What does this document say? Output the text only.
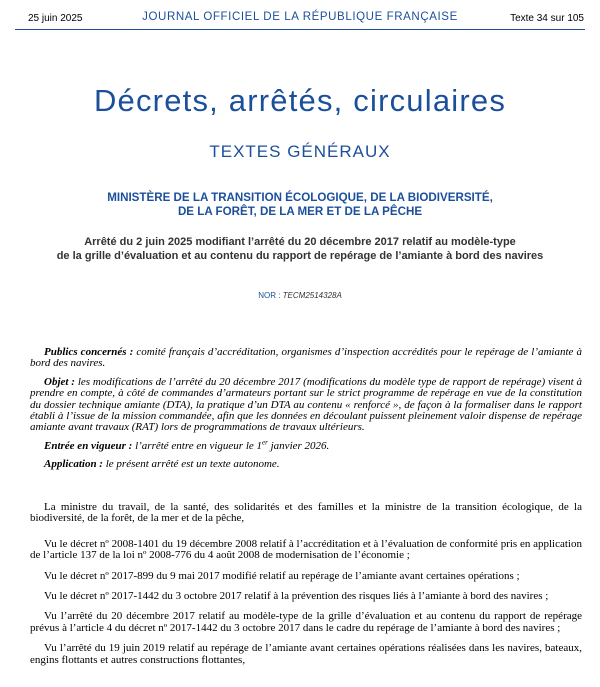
25 juin 2025	JOURNAL OFFICIEL DE LA RÉPUBLIQUE FRANÇAISE	Texte 34 sur 105
Décrets, arrêtés, circulaires
TEXTES GÉNÉRAUX
MINISTÈRE DE LA TRANSITION ÉCOLOGIQUE, DE LA BIODIVERSITÉ,
DE LA FORÊT, DE LA MER ET DE LA PÊCHE
Arrêté du 2 juin 2025 modifiant l’arrêté du 20 décembre 2017 relatif au modèle-type
de la grille d’évaluation et au contenu du rapport de repérage de l’amiante à bord des navires
NOR : TECM2514328A

Publics concernés : comité français d’accréditation, organismes d’inspection accrédités pour le repérage de l’amiante à bord des navires.

Objet : les modifications de l’arrêté du 20 décembre 2017 (modifications du modèle type de rapport de repérage) visent à prendre en compte, à côté de commandes d’armateurs portant sur le strict programme de repérage en vue de la constitution du dossier technique amiante (DTA), la pratique d’un DTA au contenu « renforcé », de façon à la formaliser dans le rapport établi à l’issue de la mission commandée, afin que les données en découlant puissent pleinement valoir dispense de repérage amiante avant travaux (RAT) lors de programmations de travaux ultérieurs.

Entrée en vigueur : l’arrêté entre en vigueur le 1er janvier 2026.

Application : le présent arrêté est un texte autonome.

La ministre du travail, de la santé, des solidarités et des familles et la ministre de la transition écologique, de la biodiversité, de la forêt, de la mer et de la pêche,

Vu le décret nº 2008-1401 du 19 décembre 2008 relatif à l’accréditation et à l’évaluation de conformité pris en application de l’article 137 de la loi nº 2008-776 du 4 août 2008 de modernisation de l’économie ;

Vu le décret nº 2017-899 du 9 mai 2017 modifié relatif au repérage de l’amiante avant certaines opérations ;

Vu le décret nº 2017-1442 du 3 octobre 2017 relatif à la prévention des risques liés à l’amiante à bord des navires ;

Vu l’arrêté du 20 décembre 2017 relatif au modèle-type de la grille d’évaluation et au contenu du rapport de repérage prévus à l’article 4 du décret nº 2017-1442 du 3 octobre 2017 dans le cadre du repérage de l’amiante à bord des navires ;

Vu l’arrêté du 19 juin 2019 relatif au repérage de l’amiante avant certaines opérations réalisées dans les navires, bateaux, engins flottants et autres constructions flottantes,
